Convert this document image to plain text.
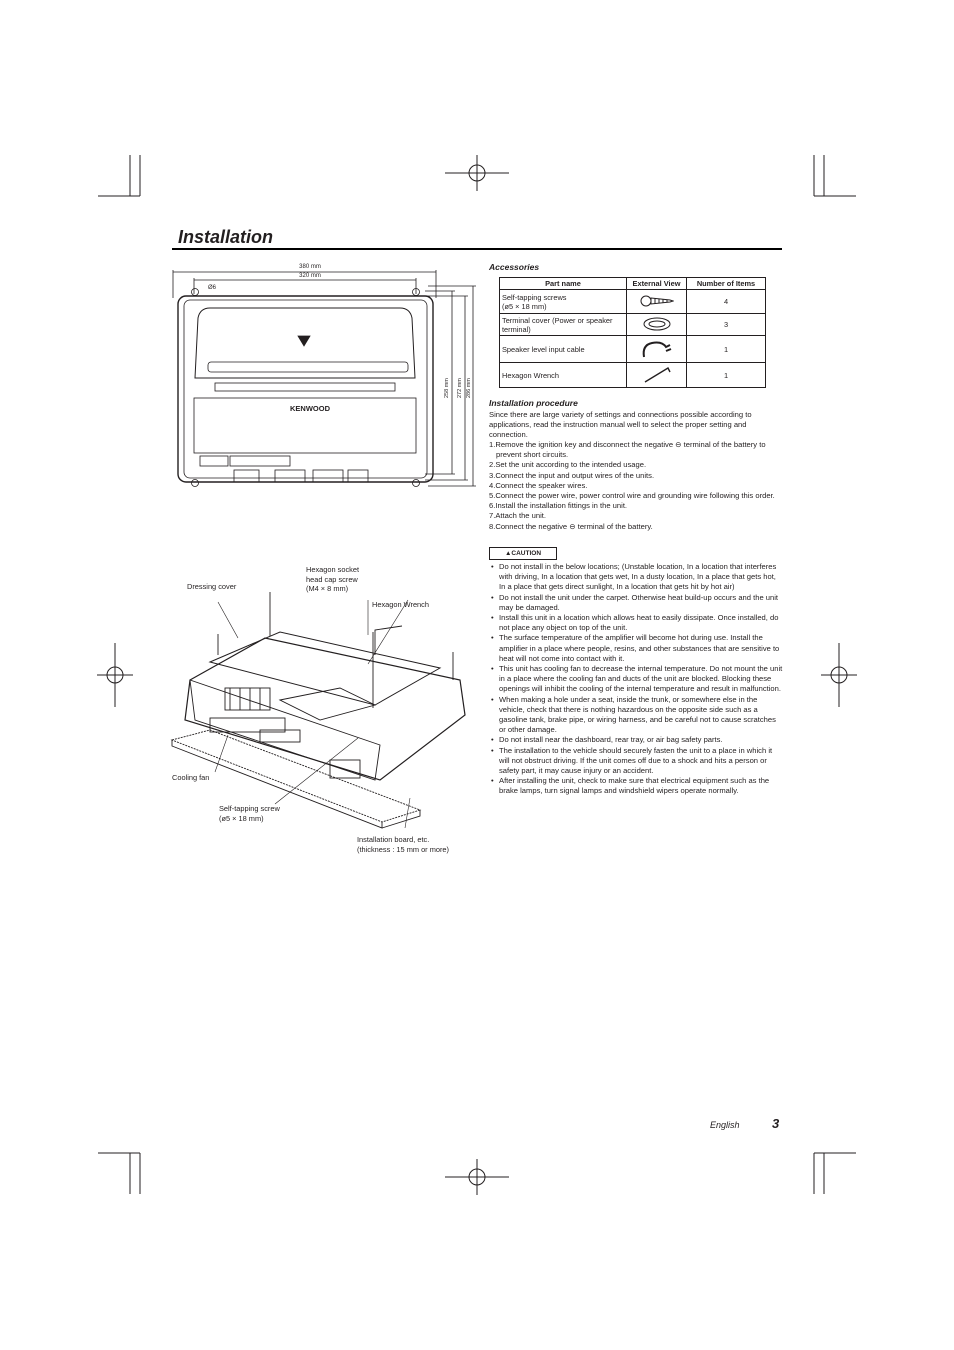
Installation
380 mm
320 mm
Ø6
KENWOOD
258 mm 272 mm 286 mm
Dressing cover
Hexagon socket
head cap screw
(M4 × 8 mm)
Hexagon Wrench
Cooling fan
Self-tapping screw
(ø5 × 18 mm)
Installation board, etc.
(thickness : 15 mm or more)
Accessories
Part name	External View	Number of Items

Self-tapping screws
(ø5 × 18 mm)		4

Terminal cover (Power or speaker
terminal)		3
Speaker level input cable		1
Hexagon Wrench		1
Installation procedure
Since there are large variety of settings and connections possible according to applications, read the instruction manual well to select the proper setting and connection.
1.Remove the ignition key and disconnect the negative ⊖ terminal of the battery to prevent short circuits.
2.Set the unit according to the intended usage.
3.Connect the input and output wires of the units.
4.Connect the speaker wires.
5.Connect the power wire, power control wire and grounding wire following this order.
6.Install the installation fittings in the unit.
7.Attach the unit.
8.Connect the negative ⊖ terminal of the battery.
▲CAUTION
• Do not install in the below locations; (Unstable location, In a location that interferes with driving, In a location that gets wet, In a dusty location, In a place that gets hot, In a place that gets direct sunlight, In a location that gets hit by hot air)
• Do not install the unit under the carpet. Otherwise heat build-up occurs and the unit may be damaged.
• Install this unit in a location which allows heat to easily dissipate. Once installed, do not place any object on top of the unit.
• The surface temperature of the amplifier will become hot during use. Install the amplifier in a place where people, resins, and other substances that are sensitive to heat will not come into contact with it.
• This unit has cooling fan to decrease the internal temperature. Do not mount the unit in a place where the cooling fan and ducts of the unit are blocked. Blocking these openings will inhibit the cooling of the internal temperature and result in malfunction.
• When making a hole under a seat, inside the trunk, or somewhere else in the vehicle, check that there is nothing hazardous on the opposite side such as a gasoline tank, brake pipe, or wiring harness, and be careful not to cause scratches or other damage.
• Do not install near the dashboard, rear tray, or air bag safety parts.
• The installation to the vehicle should securely fasten the unit to a place in which it will not obstruct driving. If the unit comes off due to a shock and hits a person or safety part, it may cause injury or an accident.
• After installing the unit, check to make sure that electrical equipment such as the brake lamps, turn signal lamps and windshield wipers operate normally.
English 3
